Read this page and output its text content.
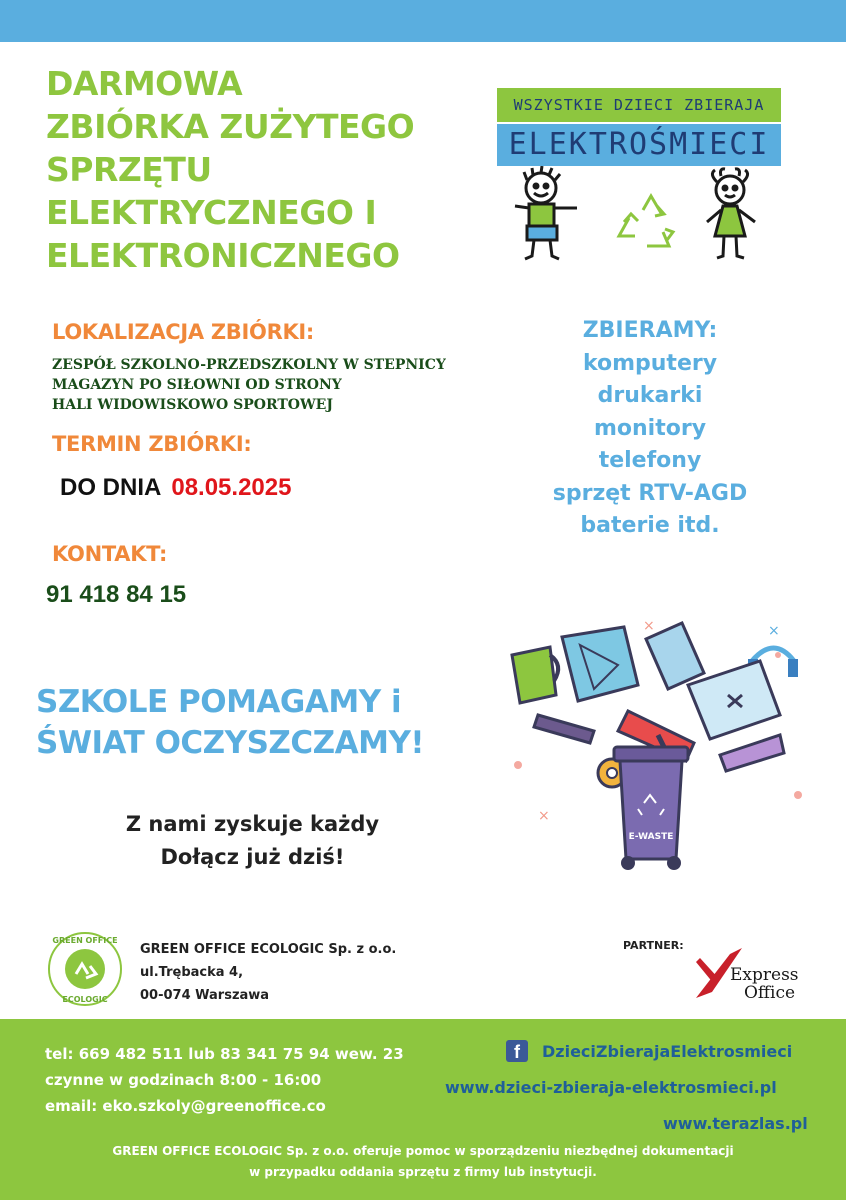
DARMOWA
ZBIÓRKA ZUŻYTEGO
SPRZĘTU
ELEKTRYCZNEGO I
ELEKTRONICZNEGO
WSZYSTKIE DZIECI ZBIERAJA
ELEKTROŚMIECI
LOKALIZACJA ZBIÓRKI:
ZESPÓŁ SZKOLNO-PRZEDSZKOLNY W STEPNICY
MAGAZYN PO SIŁOWNI OD STRONY
HALI WIDOWISKOWO SPORTOWEJ
TERMIN ZBIÓRKI:
DO DNIA 08.05.2025
KONTAKT:
91 418 84 15
ZBIERAMY:
komputery
drukarki
monitory
telefony
sprzęt RTV-AGD
baterie itd.
SZKOLE POMAGAMY i
ŚWIAT OCZYSZCZAMY!
Z nami zyskuje każdy
Dołącz już dziś!
×
×
×
E-WASTE
GREEN OFFICE
ECOLOGIC
GREEN OFFICE ECOLOGIC Sp. z o.o.
ul.Trębacka 4,
00-074 Warszawa
PARTNER:
Express
Office
tel: 669 482 511 lub 83 341 75 94 wew. 23
czynne w godzinach 8:00 - 16:00
email: eko.szkoly@greenoffice.co
f	DzieciZbierajaElektrosmieci
www.dzieci-zbieraja-elektrosmieci.pl
www.terazlas.pl
GREEN OFFICE ECOLOGIC Sp. z o.o. oferuje pomoc w sporządzeniu niezbędnej dokumentacji
w przypadku oddania sprzętu z firmy lub instytucji.
